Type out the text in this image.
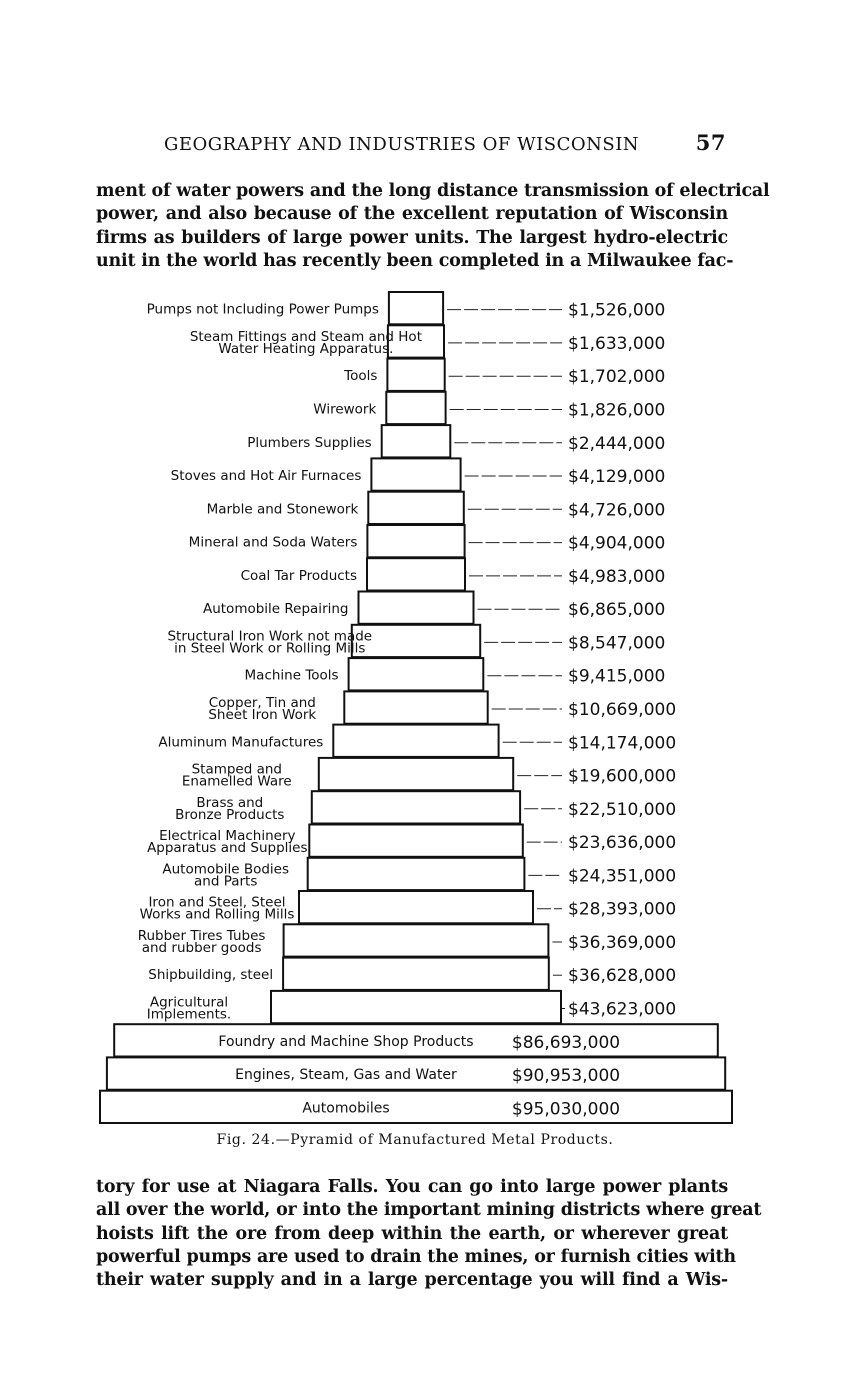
GEOGRAPHY AND INDUSTRIES OF WISCONSIN	57
ment of water powers and the long distance transmission of electrical
power, and also because of the excellent reputation of Wisconsin
firms as builders of large power units. The largest hydro-electric
unit in the world has recently been completed in a Milwaukee fac-
Pumps not Including Power Pumps	$1,526,000
Steam Fittings and Steam and Hot
Water Heating Apparatus.	$1,633,000
Tools	$1,702,000
Wirework	$1,826,000
Plumbers Supplies	$2,444,000
Stoves and Hot Air Furnaces	$4,129,000
Marble and Stonework	$4,726,000
Mineral and Soda Waters	$4,904,000
Coal Tar Products	$4,983,000
Automobile Repairing	$6,865,000
Structural Iron Work not made
in Steel Work or Rolling Mills	$8,547,000
Machine Tools	$9,415,000
Copper, Tin and
Sheet Iron Work	$10,669,000
Aluminum Manufactures	$14,174,000
Stamped and
Enamelled Ware	$19,600,000
Brass and
Bronze Products	$22,510,000
Electrical Machinery
Apparatus and Supplies	$23,636,000
Automobile Bodies
and Parts	$24,351,000
Iron and Steel, Steel
Works and Rolling Mills	$28,393,000
Rubber Tires Tubes
and rubber goods	$36,369,000
Shipbuilding, steel	$36,628,000
Agricultural
Implements.	$43,623,000
Foundry and Machine Shop Products $86,693,000
Engines, Steam, Gas and Water	$90,953,000
Automobiles	$95,030,000
Fig. 24.—Pyramid of Manufactured Metal Products.
tory for use at Niagara Falls. You can go into large power plants
all over the world, or into the important mining districts where great
hoists lift the ore from deep within the earth, or wherever great
powerful pumps are used to drain the mines, or furnish cities with
their water supply and in a large percentage you will find a Wis-
